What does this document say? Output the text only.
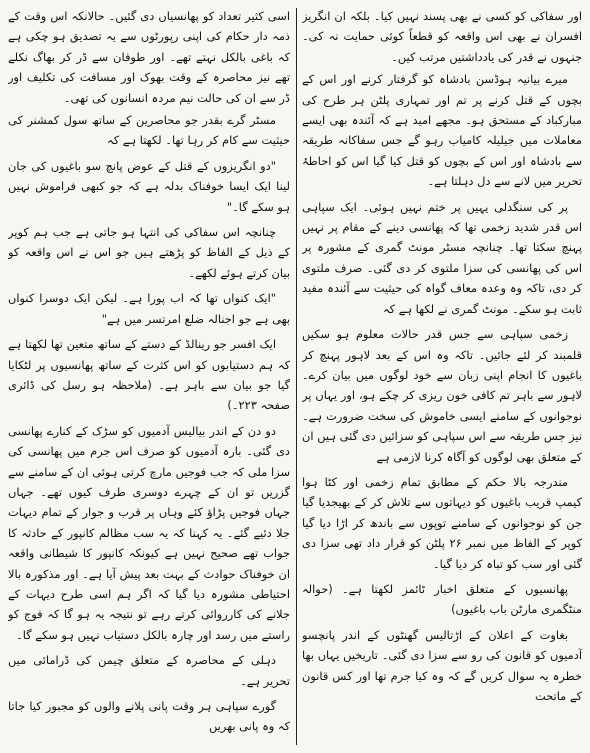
اور سفاکی کو کسی نے بھی پسند نہیں کیا۔ بلکہ ان انگریز افسران نے بھی اس واقعہ کو قطعاً کوئی حمایت نہ کی۔ جنہوں نے قدر کی یادداشتیں مرتب کیں۔

میرے بیانیہ ہوڈسن بادشاہ کو گرفتار کرنے اور اس کے بچوں کے قتل کرنے پر تم اور تمہاری پلٹن ہر طرح کی مبارکباد کے مستحق ہو۔ مجھے امید ہے کہ آئندہ بھی ایسے معاملات میں جیلیلہ کامیاب رہو گے جس سفاکانہ طریقہ سے بادشاہ اور اس کے بچوں کو قتل کیا گیا اس کو احاطۂ تحریر میں لانے سے دل دہلتا ہے۔

پر کی سنگدلی یہیں پر ختم نہیں ہوئی۔ ایک سپاہی اس قدر شدید زخمی تھا کہ پھانسی دینے کے مقام پر نہیں پہنچ سکتا تھا۔ چنانچہ مسٹر مونٹ گمری کے مشورہ پر اس کی پھانسی کی سزا ملتوی کر دی گئی۔ صرف ملتوی کر دی، تاکہ وہ وعدہ معاف گواہ کی حیثیت سے آئندہ مفید ثابت ہو سکے۔ مونٹ گمری نے لکھا ہے کہ

زخمی سپاہی سے جس قدر حالات معلوم ہو سکیں قلمبند کر لئے جائیں۔ تاکہ وہ اس کے بعد لاہور پہنچ کر باغیوں کا انجام اپنی زبان سے خود لوگوں میں بیان کرے۔ لاہور سے باہر تم کافی خون ریزی کر چکے ہو، اور یہاں پر نوجوانوں کے سامنے ایسی خاموش کی سخت ضرورت ہے۔ نیز جس طریقہ سے اس سپاہی کو سزائیں دی گئی ہیں ان کے متعلق بھی لوگوں کو آگاہ کرنا لازمی ہے

مندرجہ بالا حکم کے مطابق تمام زخمی اور کٹا ہوا کیمپ قریب باغیوں کو دیہاتوں سے تلاش کر کے بھیجدیا گیا جن کو نوجوانوں کے سامنے توپوں سے باندھ کر اڑا دیا گیا کوپر کے الفاظ میں نمبر ۲۶ پلٹن کو قرار داد تھی سزا دی گئی اور سب کو تباہ کر دیا گیا۔

پھانسیوں کے متعلق اخبار ٹائمز لکھتا ہے۔ (حوالہ منٹگمری مارٹن باب باغیوں)

بغاوت کے اعلان کے اڑتالیس گھنٹوں کے اندر پانچسو آدمیوں کو قانون کی رو سے سزا دی گئی۔ تاریخیں یہاں بھا خطرہ یہ سوال کریں گے کہ وہ کیا جرم تھا اور کس قانون کے ماتحت

اسی کثیر تعداد کو پھانسیاں دی گئیں۔ حالانکہ اس وقت کے ذمہ دار حکام کی اپنی رپورٹوں سے یہ تصدیق ہو چکی ہے کہ باغی بالکل نہتے تھے۔ اور طوفان سے ڈر کر بھاگ نکلے تھے نیز محاصرہ کے وقت بھوک اور مسافت کی تکلیف اور ڈر سے ان کی حالت نیم مردہ انسانوں کی تھی۔

مسٹر گرے بقدر جو محاصرین کے ساتھ سول کمشنر کی حیثیت سے کام کر رہا تھا۔ لکھتا ہے کہ

"دو انگریزوں کے قتل کے عوض پانچ سو باغیوں کی جان لینا ایک ایسا خوفناک بدلہ ہے کہ جو کبھی فراموش نہیں ہو سکے گا۔"

چنانچہ اس سفاکی کی انتہا ہو جاتی ہے جب ہم کوپر کے ذیل کے الفاظ کو پڑھتے ہیں جو اس نے اس واقعہ کو بیان کرتے ہوئے لکھے۔

"ایک کنواں تھا کہ اب پورا ہے۔ لیکن ایک دوسرا کنواں بھی ہے جو اجنالہ ضلع امرتسر میں ہے"

ایک افسر جو رینالڈ کے دستے کے ساتھ متعین تھا لکھتا ہے کہ ہم دستیابوں کو اس کثرت کے ساتھ پھانسیوں پر لٹکایا گیا جو بیان سے باہر ہے۔ (ملاحظہ ہو رسل کی ڈائری صفحہ ۲۲۳۔)

دو دن کے اندر بیالیس آدمیوں کو سڑک کے کنارے پھانسی دی گئی۔ بارہ آدمیوں کو صرف اس جرم میں پھانسی کی سزا ملی کہ جب فوجیں مارچ کرتی ہوئی ان کے سامنے سے گزریں تو ان کے چہرے دوسری طرف کیوں تھے۔ جہاں جہاں فوجیں پڑاؤ کئے وہاں پر قرب و جوار کے تمام دیہات جلا دئیے گئے۔ یہ کہنا کہ یہ سب مظالم کانپور کے حادثہ کا جواب تھے صحیح نہیں ہے کیونکہ کانپور کا شیطانی واقعہ ان خوفناک حوادث کے بہت بعد پیش آیا ہے۔ اور مذکورہ بالا احتیاطی مشورہ دیا گیا کہ اگر ہم اسی طرح دیہات کے جلانے کی کارروائی کرتے رہے تو نتیجہ یہ ہو گا کہ فوج کو راستے میں رسد اور چارہ بالکل دستیاب نہیں ہو سکے گا۔

دہلی کے محاصرہ کے متعلق چیمن کی ڈرامائی میں تحریر ہے۔

گورے سپاہی ہر وقت پانی پلانے والوں کو مجبور کیا جاتا کہ وہ پانی بھریں
